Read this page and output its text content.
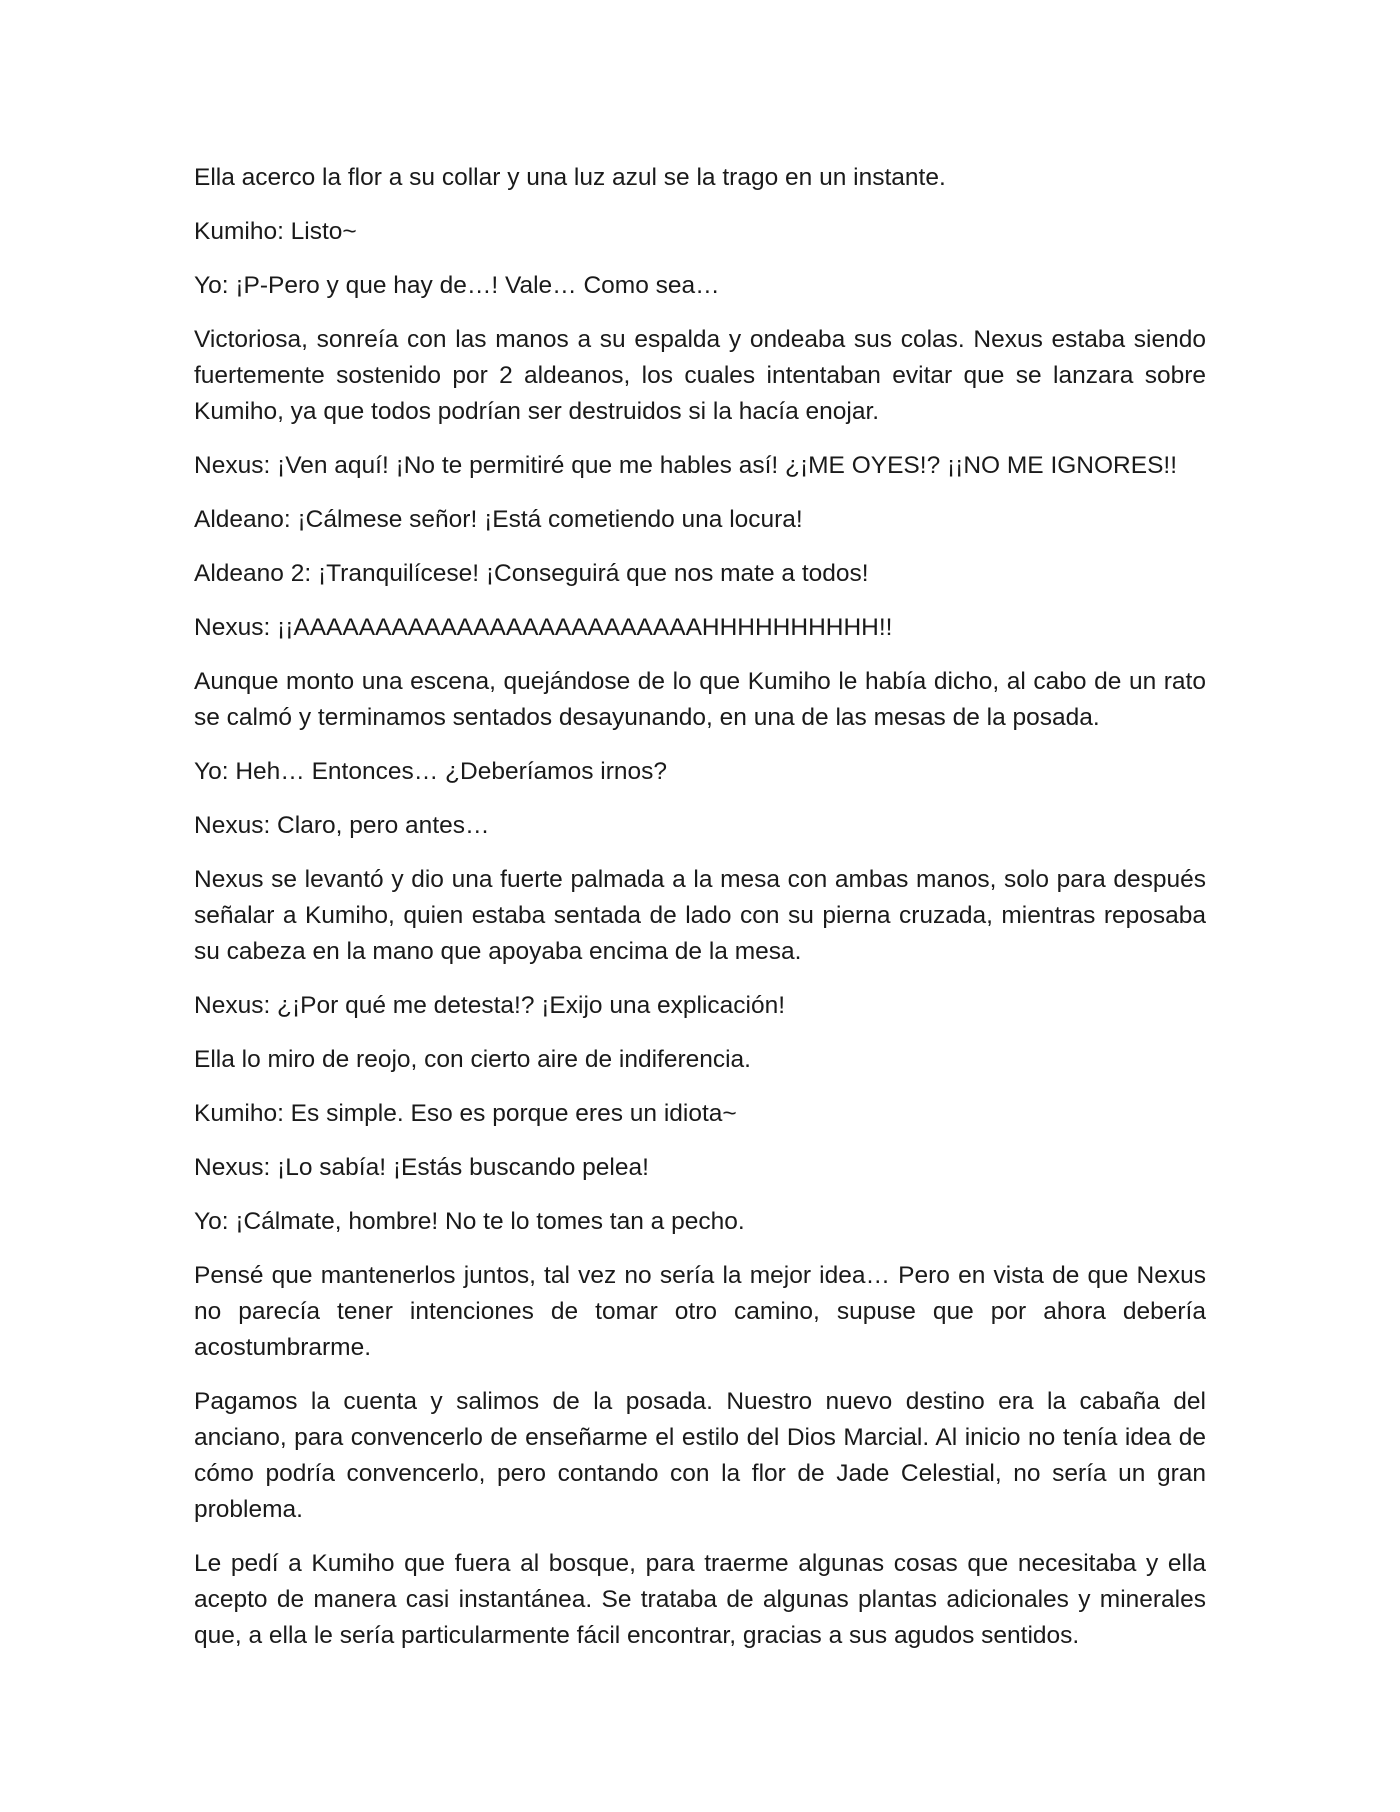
Ella acerco la flor a su collar y una luz azul se la trago en un instante.

Kumiho: Listo~

Yo: ¡P-Pero y que hay de…! Vale… Como sea…

Victoriosa, sonreía con las manos a su espalda y ondeaba sus colas. Nexus estaba siendo fuertemente sostenido por 2 aldeanos, los cuales intentaban evitar que se lanzara sobre Kumiho, ya que todos podrían ser destruidos si la hacía enojar.

Nexus: ¡Ven aquí! ¡No te permitiré que me hables así! ¿¡ME OYES!? ¡¡NO ME IGNORES!!

Aldeano: ¡Cálmese señor! ¡Está cometiendo una locura!

Aldeano 2: ¡Tranquilícese! ¡Conseguirá que nos mate a todos!

Nexus: ¡¡AAAAAAAAAAAAAAAAAAAAAAAAAHHHHHHHHHH!!

Aunque monto una escena, quejándose de lo que Kumiho le había dicho, al cabo de un rato se calmó y terminamos sentados desayunando, en una de las mesas de la posada.

Yo: Heh… Entonces… ¿Deberíamos irnos?

Nexus: Claro, pero antes…

Nexus se levantó y dio una fuerte palmada a la mesa con ambas manos, solo para después señalar a Kumiho, quien estaba sentada de lado con su pierna cruzada, mientras reposaba su cabeza en la mano que apoyaba encima de la mesa.

Nexus: ¿¡Por qué me detesta!? ¡Exijo una explicación!

Ella lo miro de reojo, con cierto aire de indiferencia.

Kumiho: Es simple. Eso es porque eres un idiota~

Nexus: ¡Lo sabía! ¡Estás buscando pelea!

Yo: ¡Cálmate, hombre! No te lo tomes tan a pecho.

Pensé que mantenerlos juntos, tal vez no sería la mejor idea… Pero en vista de que Nexus no parecía tener intenciones de tomar otro camino, supuse que por ahora debería acostumbrarme.

Pagamos la cuenta y salimos de la posada. Nuestro nuevo destino era la cabaña del anciano, para convencerlo de enseñarme el estilo del Dios Marcial. Al inicio no tenía idea de cómo podría convencerlo, pero contando con la flor de Jade Celestial, no sería un gran problema.

Le pedí a Kumiho que fuera al bosque, para traerme algunas cosas que necesitaba y ella acepto de manera casi instantánea. Se trataba de algunas plantas adicionales y minerales que, a ella le sería particularmente fácil encontrar, gracias a sus agudos sentidos.
